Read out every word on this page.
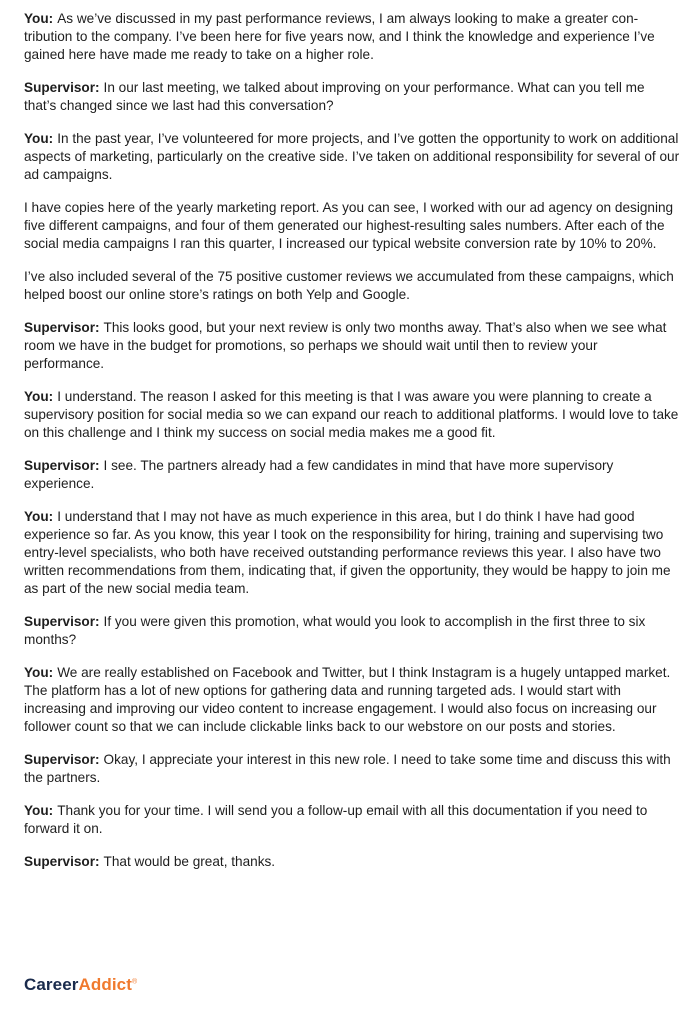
You: As we’ve discussed in my past performance reviews, I am always looking to make a greater con-tribution to the company. I’ve been here for five years now, and I think the knowledge and experience I’ve gained here have made me ready to take on a higher role.

Supervisor: In our last meeting, we talked about improving on your performance. What can you tell me that’s changed since we last had this conversation?

You: In the past year, I’ve volunteered for more projects, and I’ve gotten the opportunity to work on additional aspects of marketing, particularly on the creative side. I’ve taken on additional responsibility for several of our ad campaigns.

I have copies here of the yearly marketing report. As you can see, I worked with our ad agency on designing five different campaigns, and four of them generated our highest-resulting sales numbers. After each of the social media campaigns I ran this quarter, I increased our typical website conversion rate by 10% to 20%.

I’ve also included several of the 75 positive customer reviews we accumulated from these campaigns, which helped boost our online store’s ratings on both Yelp and Google.

Supervisor: This looks good, but your next review is only two months away. That’s also when we see what room we have in the budget for promotions, so perhaps we should wait until then to review your performance.

You: I understand. The reason I asked for this meeting is that I was aware you were planning to create a supervisory position for social media so we can expand our reach to additional platforms. I would love to take on this challenge and I think my success on social media makes me a good fit.

Supervisor: I see. The partners already had a few candidates in mind that have more supervisory experience.

You: I understand that I may not have as much experience in this area, but I do think I have had good experience so far. As you know, this year I took on the responsibility for hiring, training and supervising two entry-level specialists, who both have received outstanding performance reviews this year. I also have two written recommendations from them, indicating that, if given the opportunity, they would be happy to join me as part of the new social media team.

Supervisor: If you were given this promotion, what would you look to accomplish in the first three to six months?

You: We are really established on Facebook and Twitter, but I think Instagram is a hugely untapped market. The platform has a lot of new options for gathering data and running targeted ads. I would start with increasing and improving our video content to increase engagement. I would also focus on increasing our follower count so that we can include clickable links back to our webstore on our posts and stories.

Supervisor: Okay, I appreciate your interest in this new role. I need to take some time and discuss this with the partners.

You: Thank you for your time. I will send you a follow-up email with all this documentation if you need to forward it on.

Supervisor: That would be great, thanks.

CareerAddict®
